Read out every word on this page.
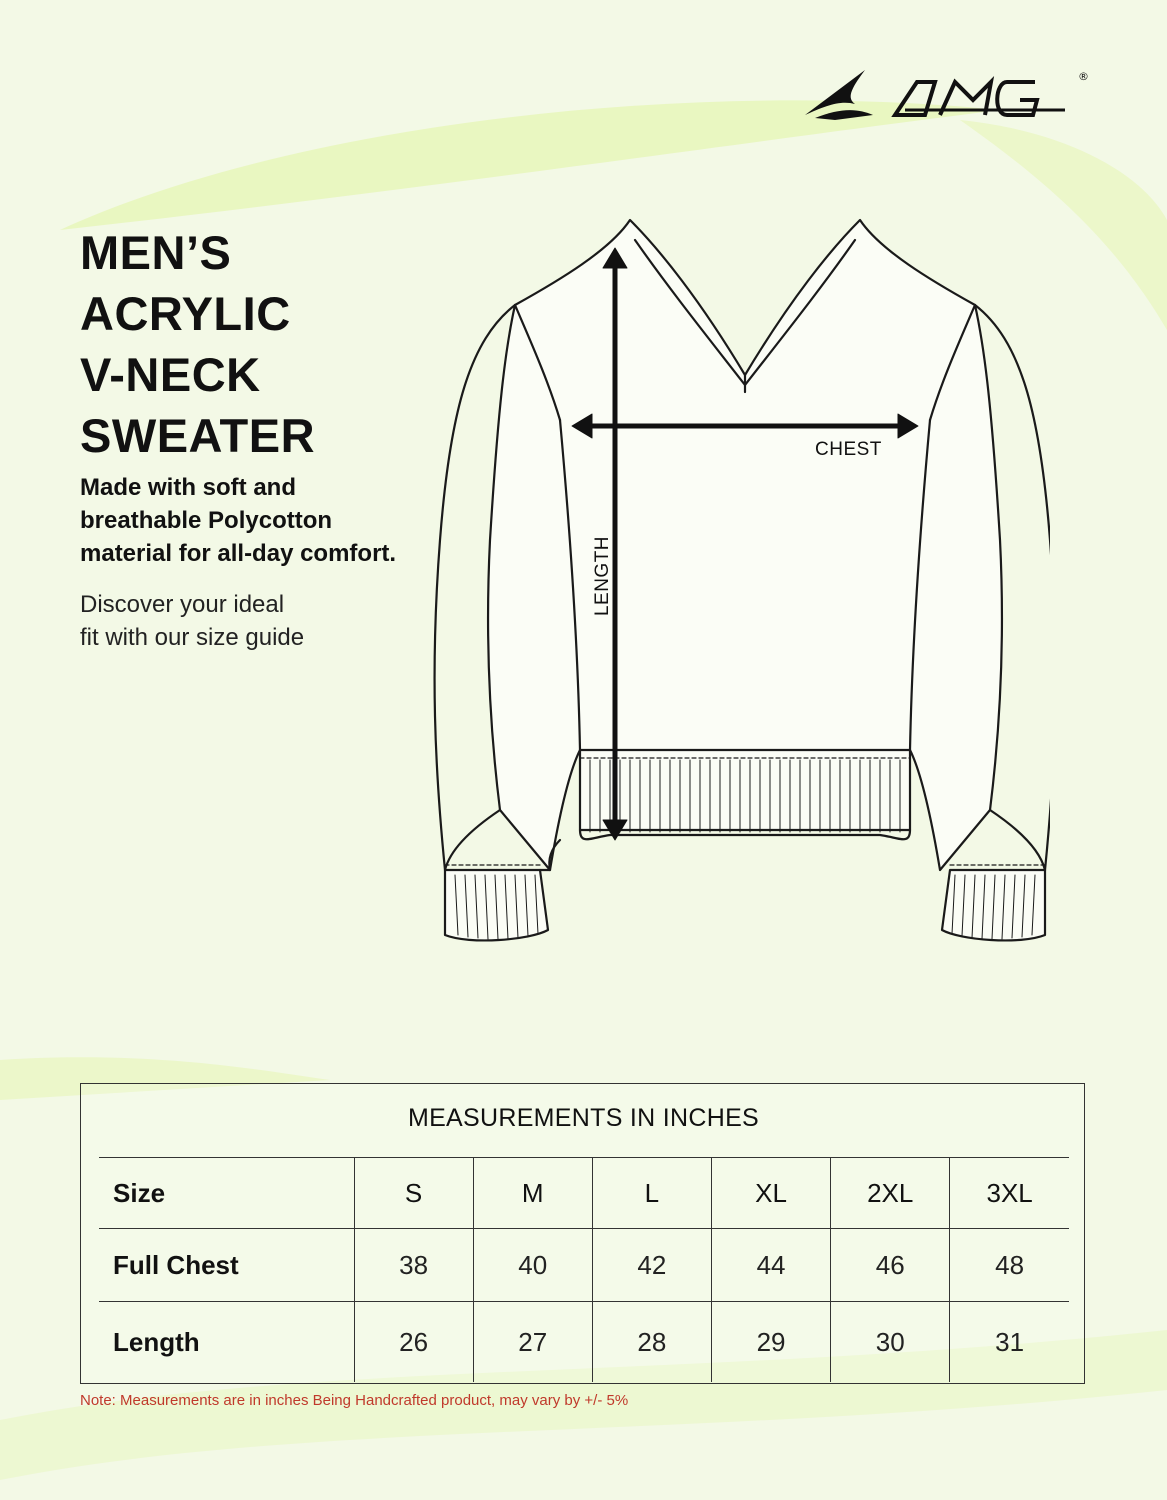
®
MEN’S
ACRYLIC
V-NECK
SWEATER

Made with soft and
breathable Polycotton
material for all-day comfort.

Discover your ideal
fit with our size guide

CHEST
LENGTH
MEASUREMENTS IN INCHES
Size	S	M	L	XL	2XL	3XL
Full Chest	38	40	42	44	46	48
Length	26	27	28	29	30	31
Note: Measurements are in inches Being Handcrafted product, may vary by +/- 5%
